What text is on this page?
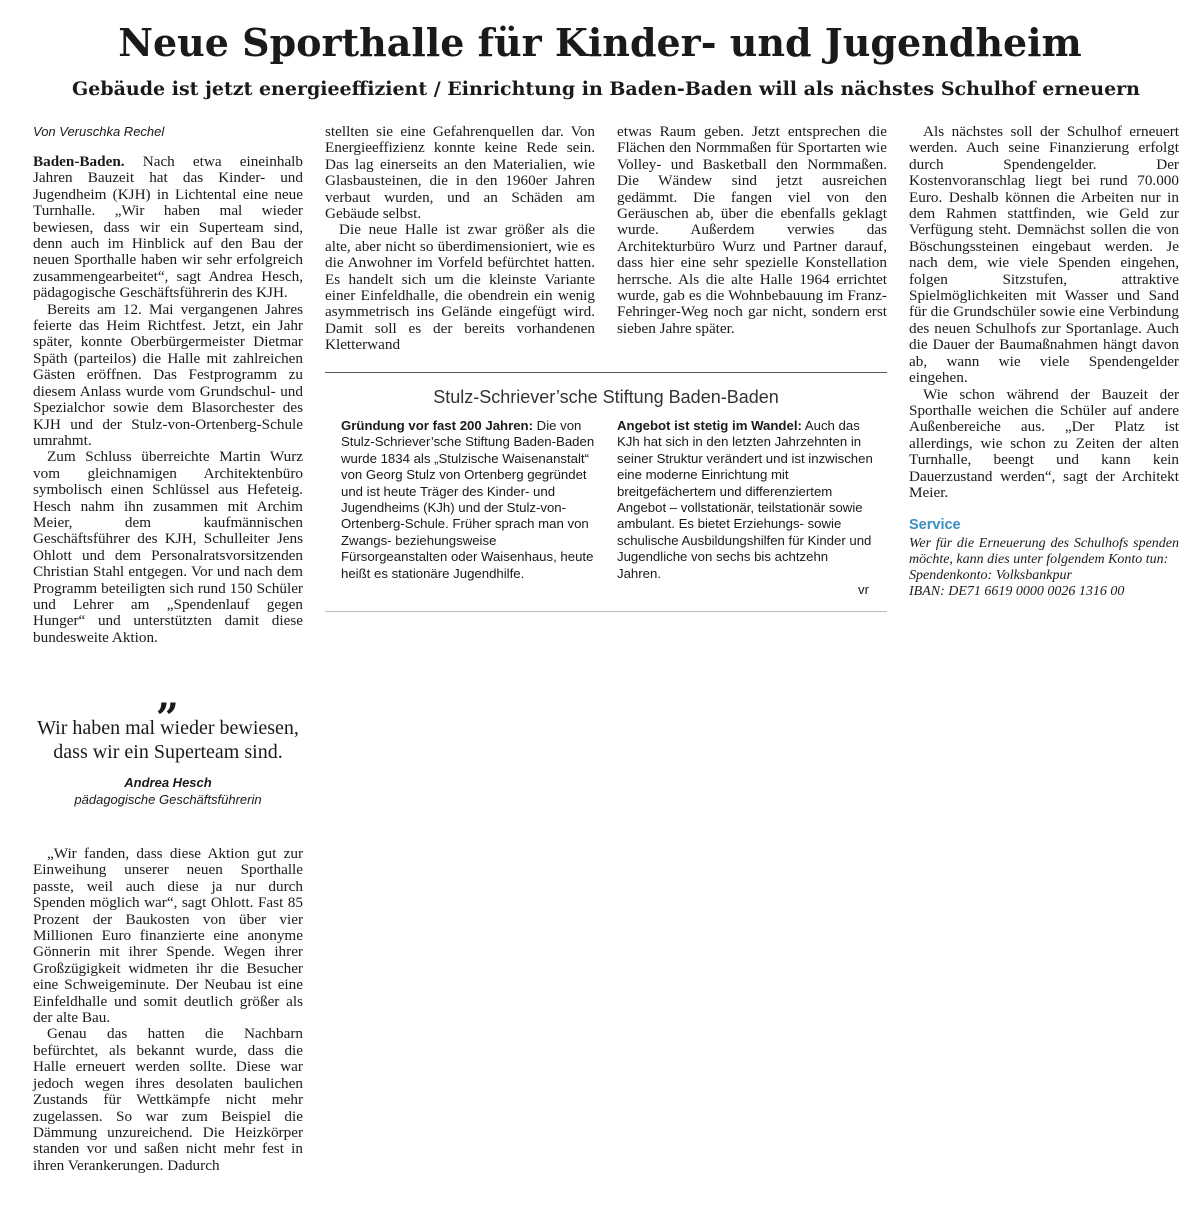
Neue Sporthalle für Kinder- und Jugendheim
Gebäude ist jetzt energieeffizient / Einrichtung in Baden-Baden will als nächstes Schulhof erneuern
Von Veruschka Rechel

Baden-Baden. Nach etwa eineinhalb Jahren Bauzeit hat das Kinder- und Jugendheim (KJH) in Lichtental eine neue Turnhalle. „Wir haben mal wieder bewiesen, dass wir ein Superteam sind, denn auch im Hinblick auf den Bau der neuen Sporthalle haben wir sehr erfolgreich zusammengearbeitet“, sagt Andrea Hesch, pädagogische Geschäftsführerin des KJH.

Bereits am 12. Mai vergangenen Jahres feierte das Heim Richtfest. Jetzt, ein Jahr später, konnte Oberbürgermeister Dietmar Späth (parteilos) die Halle mit zahlreichen Gästen eröffnen. Das Festprogramm zu diesem Anlass wurde vom Grundschul- und Spezialchor sowie dem Blasorchester des KJH und der Stulz-von-Ortenberg-Schule umrahmt.

Zum Schluss überreichte Martin Wurz vom gleichnamigen Architektenbüro symbolisch einen Schlüssel aus Hefeteig. Hesch nahm ihn zusammen mit Archim Meier, dem kaufmännischen Geschäftsführer des KJH, Schulleiter Jens Ohlott und dem Personalratsvorsitzenden Christian Stahl entgegen. Vor und nach dem Programm beteiligten sich rund 150 Schüler und Lehrer am „Spendenlauf gegen Hunger“ und unterstützten damit diese bundesweite Aktion.

„
Wir haben mal wieder bewiesen, dass wir ein Superteam sind.
Andrea Hesch
pädagogische Geschäftsführerin

„Wir fanden, dass diese Aktion gut zur Einweihung unserer neuen Sporthalle passte, weil auch diese ja nur durch Spenden möglich war“, sagt Ohlott. Fast 85 Prozent der Baukosten von über vier Millionen Euro finanzierte eine anonyme Gönnerin mit ihrer Spende. Wegen ihrer Großzügigkeit widmeten ihr die Besucher eine Schweigeminute. Der Neubau ist eine Einfeldhalle und somit deutlich größer als der alte Bau.

Genau das hatten die Nachbarn befürchtet, als bekannt wurde, dass die Halle erneuert werden sollte. Diese war jedoch wegen ihres desolaten baulichen Zustands für Wettkämpfe nicht mehr zugelassen. So war zum Beispiel die Dämmung unzureichend. Die Heizkörper standen vor und saßen nicht mehr fest in ihren Verankerungen. Dadurch

stellten sie eine Gefahrenquellen dar. Von Energieeffizienz konnte keine Rede sein. Das lag einerseits an den Materialien, wie Glasbausteinen, die in den 1960er Jahren verbaut wurden, und an Schäden am Gebäude selbst.

Die neue Halle ist zwar größer als die alte, aber nicht so überdimensioniert, wie es die Anwohner im Vorfeld befürchtet hatten. Es handelt sich um die kleinste Variante einer Einfeldhalle, die obendrein ein wenig asymmetrisch ins Gelände eingefügt wird. Damit soll es der bereits vorhandenen Kletterwand

etwas Raum geben. Jetzt entsprechen die Flächen den Normmaßen für Sportarten wie Volley- und Basketball den Normmaßen. Die Wändew sind jetzt ausreichen gedämmt. Die fangen viel von den Geräuschen ab, über die ebenfalls geklagt wurde. Außerdem verwies das Architekturbüro Wurz und Partner darauf, dass hier eine sehr spezielle Konstellation herrsche. Als die alte Halle 1964 errichtet wurde, gab es die Wohnbebauung im Franz-Fehringer-Weg noch gar nicht, sondern erst sieben Jahre später.

Stulz-Schriever’sche Stiftung Baden-Baden

Gründung vor fast 200 Jahren: Die von Stulz-Schriever’sche Stiftung Baden-Baden wurde 1834 als „Stulzische Waisenanstalt“ von Georg Stulz von Ortenberg gegründet und ist heute Träger des Kinder- und Jugendheims (KJh) und der Stulz-von-Ortenberg-Schule. Früher sprach man von Zwangs- beziehungsweise Fürsorgeanstalten oder Waisenhaus, heute heißt es stationäre Jugendhilfe.

Angebot ist stetig im Wandel: Auch das KJh hat sich in den letzten Jahrzehnten in seiner Struktur verändert und ist inzwischen eine moderne Einrichtung mit breitgefächertem und differenziertem Angebot – vollstationär, teilstationär sowie ambulant. Es bietet Erziehungs- sowie schulische Ausbildungshilfen für Kinder und Jugendliche von sechs bis achtzehn Jahren.

vr

Als nächstes soll der Schulhof erneuert werden. Auch seine Finanzierung erfolgt durch Spendengelder. Der Kostenvoranschlag liegt bei rund 70.000 Euro. Deshalb können die Arbeiten nur in dem Rahmen stattfinden, wie Geld zur Verfügung steht. Demnächst sollen die von Böschungssteinen eingebaut werden. Je nach dem, wie viele Spenden eingehen, folgen Sitzstufen, attraktive Spielmöglichkeiten mit Wasser und Sand für die Grundschüler sowie eine Verbindung des neuen Schulhofs zur Sportanlage. Auch die Dauer der Baumaßnahmen hängt davon ab, wann wie viele Spendengelder eingehen.

Wie schon während der Bauzeit der Sporthalle weichen die Schüler auf andere Außenbereiche aus. „Der Platz ist allerdings, wie schon zu Zeiten der alten Turnhalle, beengt und kann kein Dauerzustand werden“, sagt der Architekt Meier.

Service
Wer für die Erneuerung des Schulhofs spenden möchte, kann dies unter folgendem Konto tun:
Spendenkonto: Volksbankpur
IBAN: DE71 6619 0000 0026 1316 00
